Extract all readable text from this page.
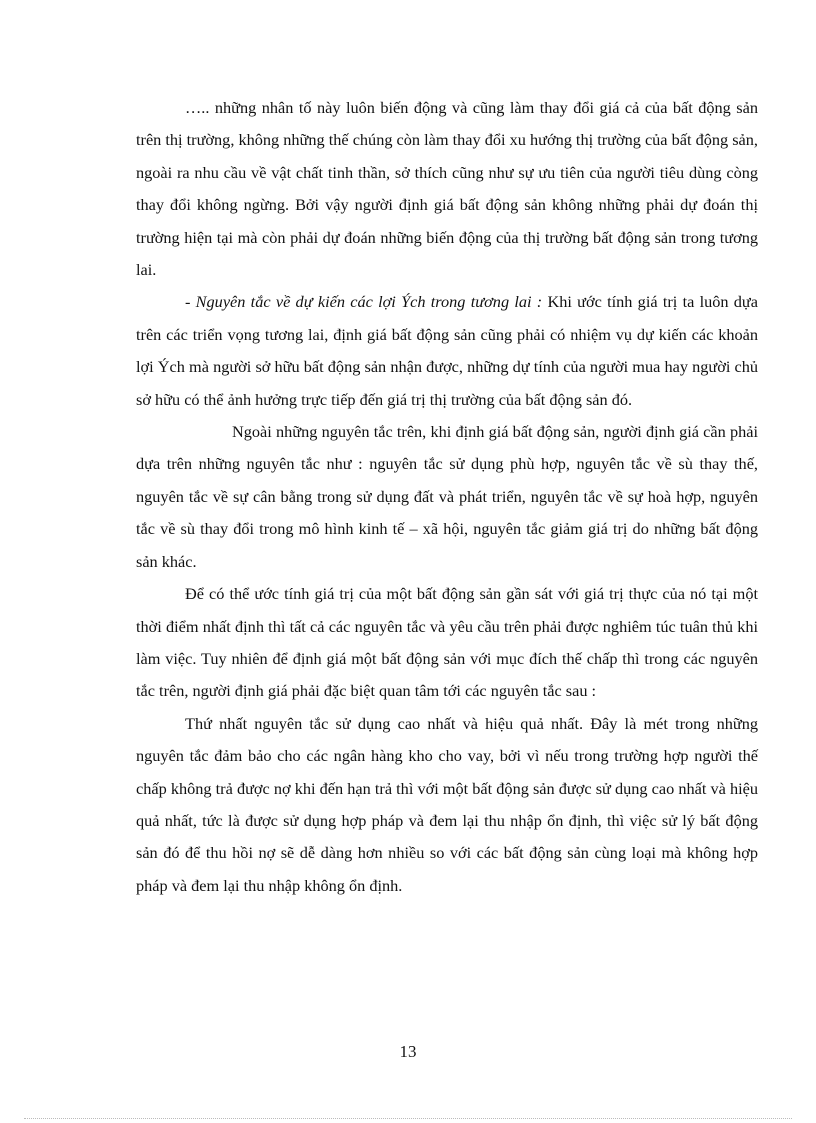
….. những nhân tố này luôn biến động và cũng làm thay đổi giá cả của bất động sản trên thị trường, không những thế chúng còn làm thay đổi xu hướng thị trường của bất động sản, ngoài ra nhu cầu về vật chất tinh thần, sở thích cũng như sự ưu tiên của người tiêu dùng còng thay đổi không ngừng. Bởi vậy người định giá bất động sản không những phải dự đoán thị trường hiện tại mà còn phải dự đoán những biến động của thị trường bất động sản trong tương lai.

- Nguyên tắc về dự kiến các lợi Ých trong tương lai : Khi ước tính giá trị ta luôn dựa trên các triển vọng tương lai, định giá bất động sản cũng phải có nhiệm vụ dự kiến các khoản lợi Ých mà người sở hữu bất động sản nhận được, những dự tính của người mua hay người chủ sở hữu có thể ảnh hưởng trực tiếp đến giá trị thị trường của bất động sản đó.

Ngoài những nguyên tắc trên, khi định giá bất động sản, người định giá cần phải dựa trên những nguyên tắc như : nguyên tắc sử dụng phù hợp, nguyên tắc về sù thay thế, nguyên tắc về sự cân bằng trong sử dụng đất và phát triển, nguyên tắc về sự hoà hợp, nguyên tắc về sù thay đổi trong mô hình kinh tế – xã hội, nguyên tắc giảm giá trị do những bất động sản khác.

Để có thể ước tính giá trị của một bất động sản gần sát với giá trị thực của nó tại một thời điểm nhất định thì tất cả các nguyên tắc và yêu cầu trên phải được nghiêm túc tuân thủ khi làm việc. Tuy nhiên để định giá một bất động sản với mục đích thế chấp thì trong các nguyên tắc trên, người định giá phải đặc biệt quan tâm tới các nguyên tắc sau :

Thứ nhất nguyên tắc sử dụng cao nhất và hiệu quả nhất. Đây là mét trong những nguyên tắc đảm bảo cho các ngân hàng kho cho vay, bởi vì nếu trong trường hợp người thế chấp không trả được nợ khi đến hạn trả thì với một bất động sản được sử dụng cao nhất và hiệu quả nhất, tức là được sử dụng hợp pháp và đem lại thu nhập ổn định, thì việc sử lý bất động sản đó để thu hồi nợ sẽ dễ dàng hơn nhiều so với các bất động sản cùng loại mà không hợp pháp và đem lại thu nhập không ổn định.

13
